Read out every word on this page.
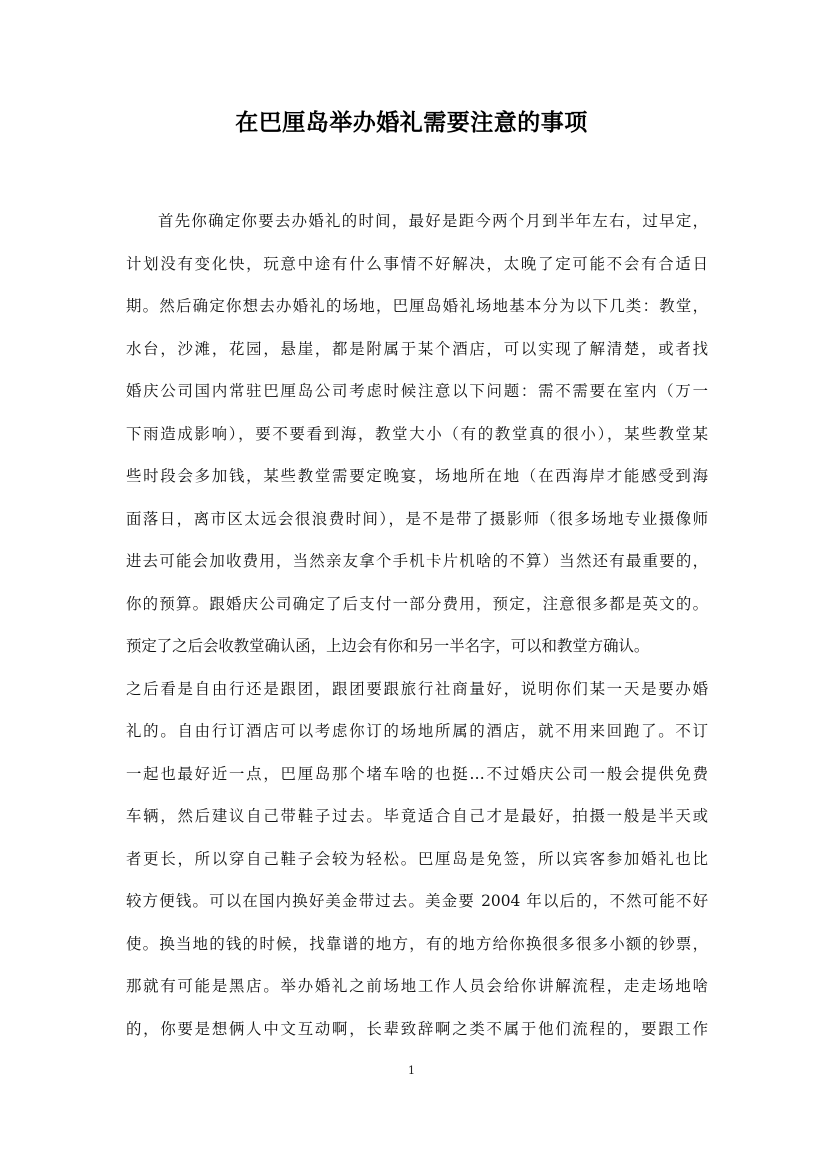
在巴厘岛举办婚礼需要注意的事项
首先你确定你要去办婚礼的时间，最好是距今两个月到半年左右，过早定，
计划没有变化快，玩意中途有什么事情不好解决，太晚了定可能不会有合适日
期。然后确定你想去办婚礼的场地，巴厘岛婚礼场地基本分为以下几类：教堂，
水台，沙滩，花园，悬崖，都是附属于某个酒店，可以实现了解清楚，或者找
婚庆公司国内常驻巴厘岛公司考虑时候注意以下问题：需不需要在室内（万一
下雨造成影响），要不要看到海，教堂大小（有的教堂真的很小），某些教堂某
些时段会多加钱，某些教堂需要定晚宴，场地所在地（在西海岸才能感受到海
面落日，离市区太远会很浪费时间），是不是带了摄影师（很多场地专业摄像师
进去可能会加收费用，当然亲友拿个手机卡片机啥的不算）当然还有最重要的，
你的预算。跟婚庆公司确定了后支付一部分费用，预定，注意很多都是英文的。
预定了之后会收教堂确认函，上边会有你和另一半名字，可以和教堂方确认。
之后看是自由行还是跟团，跟团要跟旅行社商量好，说明你们某一天是要办婚
礼的。自由行订酒店可以考虑你订的场地所属的酒店，就不用来回跑了。不订
一起也最好近一点，巴厘岛那个堵车啥的也挺…不过婚庆公司一般会提供免费
车辆，然后建议自己带鞋子过去。毕竟适合自己才是最好，拍摄一般是半天或
者更长，所以穿自己鞋子会较为轻松。巴厘岛是免签，所以宾客参加婚礼也比
较方便钱。可以在国内换好美金带过去。美金要 2004 年以后的，不然可能不好
使。换当地的钱的时候，找靠谱的地方，有的地方给你换很多很多小额的钞票，
那就有可能是黑店。举办婚礼之前场地工作人员会给你讲解流程，走走场地啥
的，你要是想俩人中文互动啊，长辈致辞啊之类不属于他们流程的，要跟工作
1
